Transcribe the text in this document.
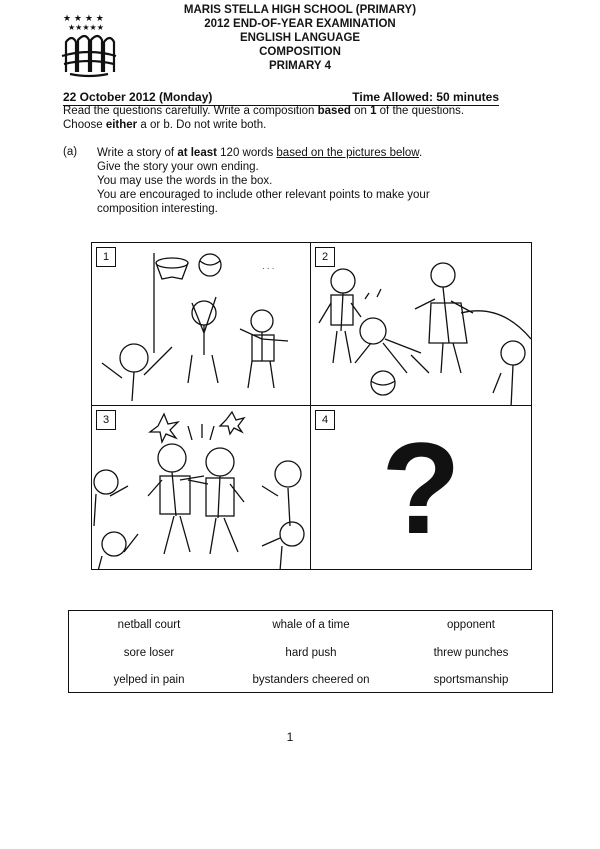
★ ★ ★ ★
★★★★★
MARIS STELLA HIGH SCHOOL (PRIMARY)
2012 END-OF-YEAR EXAMINATION
ENGLISH LANGUAGE
COMPOSITION
PRIMARY 4

22 October 2012 (Monday)	Time Allowed: 50 minutes
Read the questions carefully. Write a composition based on 1 of the questions.
Choose either a or b. Do not write both.
(a) Write a story of at least 120 words based on the pictures below.
Give the story your own ending.
You may use the words in the box.
You are encouraged to include other relevant points to make your
composition interesting.
· · ·
1	2
3	?
4
netball court	whale of a time	opponent
sore loser	hard push	threw punches
yelped in pain	bystanders cheered on	sportsmanship
1
